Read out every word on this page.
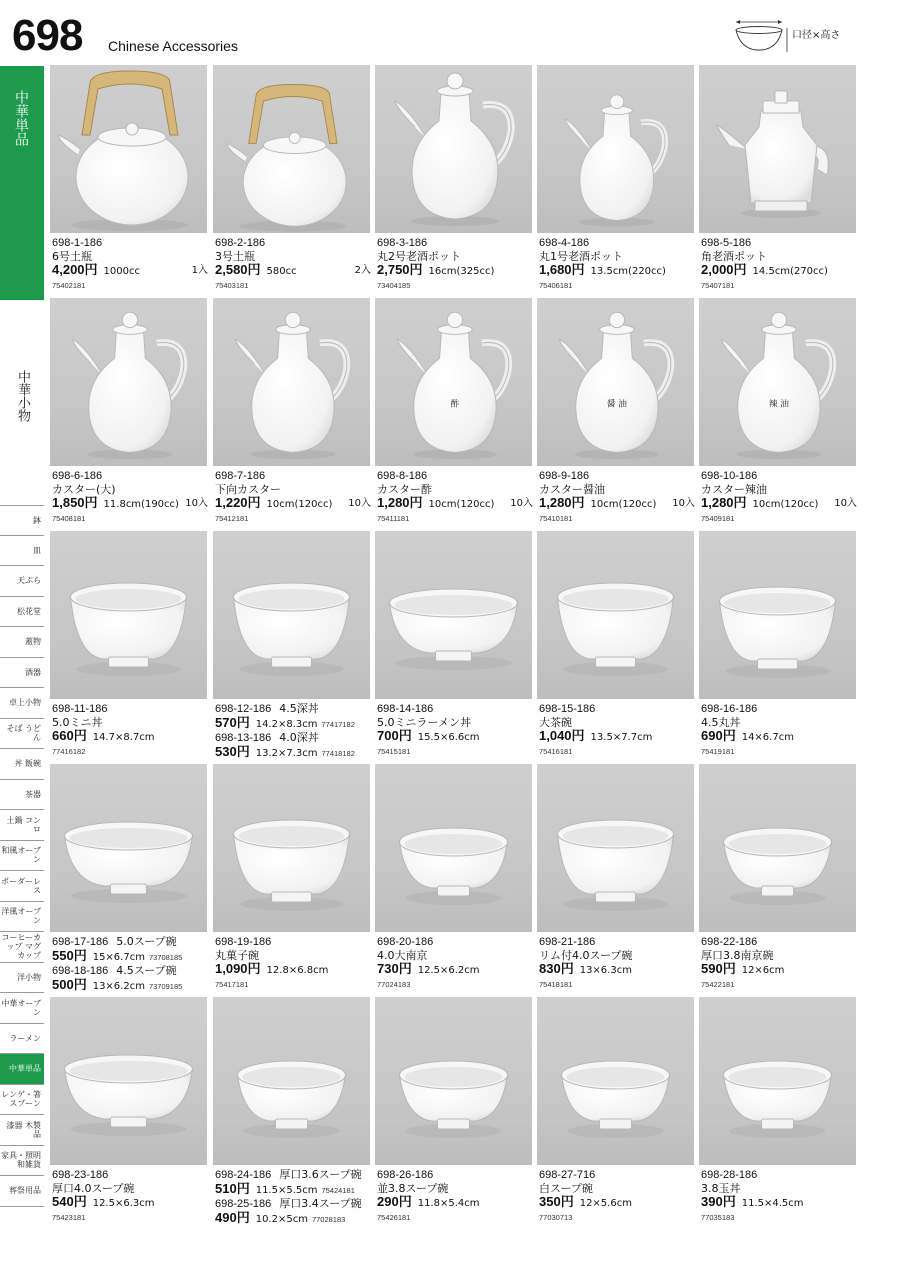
698 Chinese Accessories
口径×高さ
中華単品
中華小物
鉢
皿
天ぷら
松花堂
蓋物
酒器
卓上小物
そば うどん
丼 飯碗
茶器
土鍋 コンロ
和風オーブン
ボーダーレス
洋風オーブン
コーヒーカップ マグカップ
洋小物
中華オーブン
ラーメン
中華単品
レンゲ・箸 スプーン
漆器 木製品
家具・照明 和雑貨
葬祭用品
698-1-186
6号土瓶
4,200円 1000cc	1入
75402181
698-2-186
3号土瓶
2,580円 580cc	2入
75403181
698-3-186
丸2号老酒ポット
2,750円 16cm(325cc)
73404185
698-4-186
丸1号老酒ポット
1,680円 13.5cm(220cc)
75406181
698-5-186
角老酒ポット
2,000円 14.5cm(270cc)
75407181
698-6-186
カスター(大)
1,850円 11.8cm(190cc) 10入
75408181
698-7-186
下向カスター
1,220円 10cm(120cc) 10入
75412181
酢
698-8-186
カスター酢
1,280円 10cm(120cc) 10入
75411181
醤 油
698-9-186
カスター醤油
1,280円 10cm(120cc) 10入
75410181
辣 油
698-10-186
カスター辣油
1,280円 10cm(120cc) 10入
75409181
698-11-186
5.0ミニ丼
660円 14.7×8.7cm
77416182
698-12-186 4.5深丼
570円 14.2×8.3cm 77417182
698-13-186 4.0深丼
530円 13.2×7.3cm 77418182
698-14-186
5.0ミニラーメン丼
700円 15.5×6.6cm
75415181
698-15-186
大茶碗
1,040円 13.5×7.7cm
75416181
698-16-186
4.5丸丼
690円 14×6.7cm
75419181
698-17-186 5.0スープ碗
550円 15×6.7cm 73708185
698-18-186 4.5スープ碗
500円 13×6.2cm 73709185
698-19-186
丸菓子碗
1,090円 12.8×6.8cm
75417181
698-20-186
4.0大南京
730円 12.5×6.2cm
77024183
698-21-186
リム付4.0スープ碗
830円 13×6.3cm
75418181
698-22-186
厚口3.8南京碗
590円 12×6cm
75422181
698-23-186
厚口4.0スープ碗
540円 12.5×6.3cm
75423181
698-24-186 厚口3.6スープ碗
510円 11.5×5.5cm 75424181
698-25-186 厚口3.4スープ碗
490円 10.2×5cm 77028183
698-26-186
並3.8スープ碗
290円 11.8×5.4cm
75426181
698-27-716
白スープ碗
350円 12×5.6cm
77030713
698-28-186
3.8玉丼
390円 11.5×4.5cm
77035183
